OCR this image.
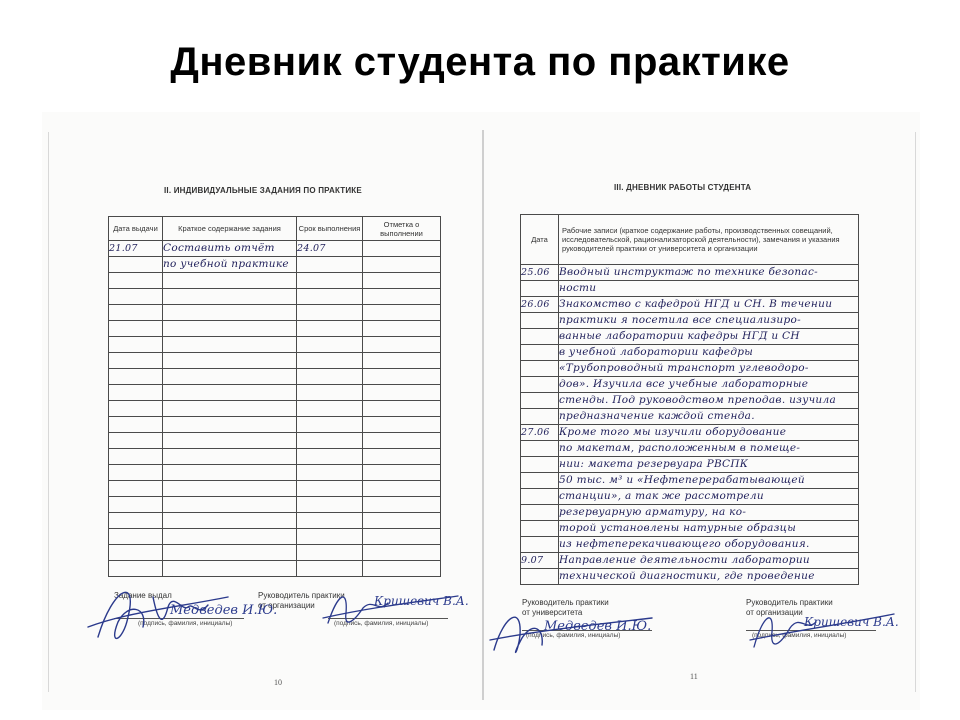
Дневник студента по практике
II. ИНДИВИДУАЛЬНЫЕ ЗАДАНИЯ ПО ПРАКТИКЕ
Дата выдачи	Краткое содержание задания	Срок выполнения	Отметка о выполнении
21.07	Составить отчёт	24.07	
	по учебной практике		

Задание выдал
(подпись, фамилия, инициалы)
Руководитель практики
от организации
(подпись, фамилия, инициалы)
Медведев И.Ю.
Кришевич В.А.
10
III. ДНЕВНИК РАБОТЫ СТУДЕНТА
Дата	Рабочие записи (краткое содержание работы, производственных совещаний, исследовательской, рационализаторской деятельности), замечания и указания руководителей практики от университета и организации
25.06	Вводный инструктаж по технике безопас-
	ности
26.06	Знакомство с кафедрой НГД и СН. В течении
	практики я посетила все специализиро-
	ванные лаборатории кафедры НГД и СН
	в учебной лаборатории кафедры
	«Трубопроводный транспорт углеводоро-
	дов». Изучила все учебные лабораторные
	стенды. Под руководством преподав. изучила
	предназначение каждой стенда.
27.06	Кроме того мы изучили оборудование
	по макетам, расположенным в помеще-
	нии: макета резервуара РВСПК
	50 тыс. м³ и «Нефтеперерабатывающей
	станции», а так же рассмотрели
	резервуарную арматуру, на ко-
	торой установлены натурные образцы
	из нефтеперекачивающего оборудования.
9.07	Направление деятельности лаборатории
	технической диагностики, где проведение
Руководитель практики
от университета
(подпись, фамилия, инициалы)
Руководитель практики
от организации
(подпись, фамилия, инициалы)
Медведев И.Ю.	Кришевич В.А.
11
